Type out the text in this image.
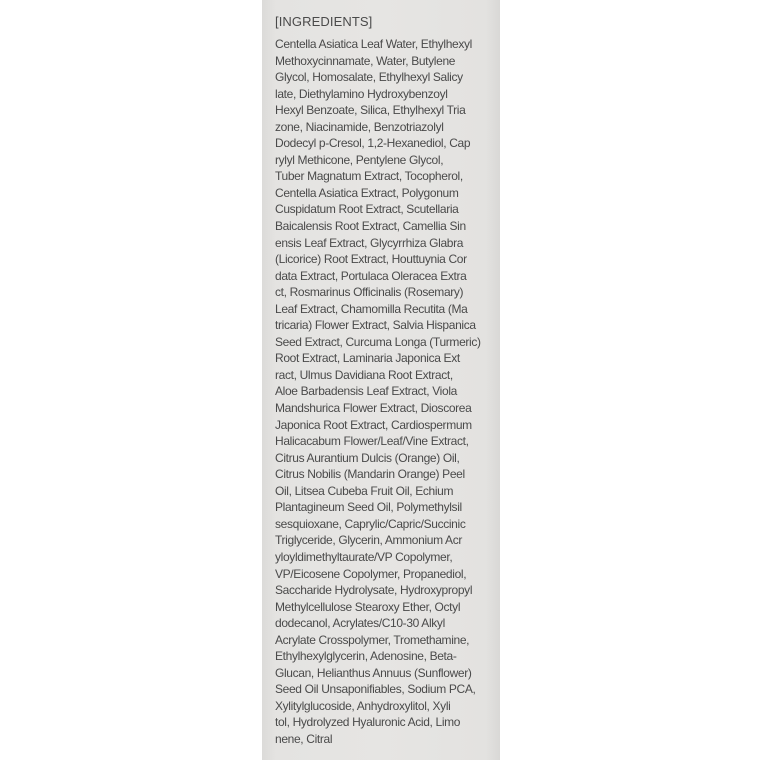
[INGREDIENTS]
Centella Asiatica Leaf Water, Ethylhexyl
Methoxycinnamate, Water, Butylene
Glycol, Homosalate, Ethylhexyl Salicy
late, Diethylamino Hydroxybenzoyl
Hexyl Benzoate, Silica, Ethylhexyl Tria
zone, Niacinamide, Benzotriazolyl
Dodecyl p-Cresol, 1,2-Hexanediol, Cap
rylyl Methicone, Pentylene Glycol,
Tuber Magnatum Extract, Tocopherol,
Centella Asiatica Extract, Polygonum
Cuspidatum Root Extract, Scutellaria
Baicalensis Root Extract, Camellia Sin
ensis Leaf Extract, Glycyrrhiza Glabra
(Licorice) Root Extract, Houttuynia Cor
data Extract, Portulaca Oleracea Extra
ct, Rosmarinus Officinalis (Rosemary)
Leaf Extract, Chamomilla Recutita (Ma
tricaria) Flower Extract, Salvia Hispanica
Seed Extract, Curcuma Longa (Turmeric)
Root Extract, Laminaria Japonica Ext
ract, Ulmus Davidiana Root Extract,
Aloe Barbadensis Leaf Extract, Viola
Mandshurica Flower Extract, Dioscorea
Japonica Root Extract, Cardiospermum
Halicacabum Flower/Leaf/Vine Extract,
Citrus Aurantium Dulcis (Orange) Oil,
Citrus Nobilis (Mandarin Orange) Peel
Oil, Litsea Cubeba Fruit Oil, Echium
Plantagineum Seed Oil, Polymethylsil
sesquioxane, Caprylic/Capric/Succinic
Triglyceride, Glycerin, Ammonium Acr
yloyldimethyltaurate/VP Copolymer,
VP/Eicosene Copolymer, Propanediol,
Saccharide Hydrolysate, Hydroxypropyl
Methylcellulose Stearoxy Ether, Octyl
dodecanol, Acrylates/C10-30 Alkyl
Acrylate Crosspolymer, Tromethamine,
Ethylhexylglycerin, Adenosine, Beta-
Glucan, Helianthus Annuus (Sunflower)
Seed Oil Unsaponifiables, Sodium PCA,
Xylitylglucoside, Anhydroxylitol, Xyli
tol, Hydrolyzed Hyaluronic Acid, Limo
nene, Citral
